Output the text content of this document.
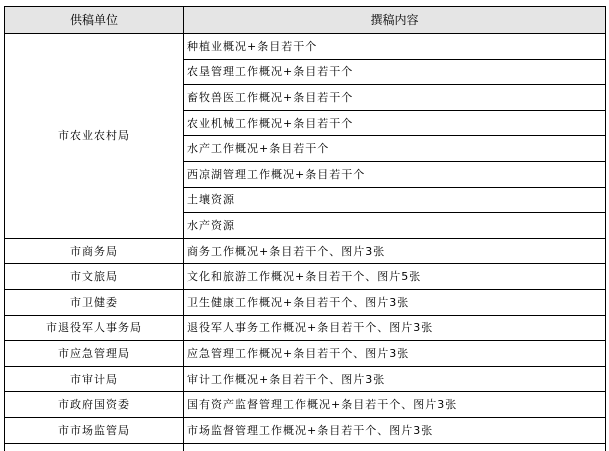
供稿单位	撰稿内容
市农业农村局	种植业概况+条目若干个
	农垦管理工作概况+条目若干个
	畜牧兽医工作概况+条目若干个
	农业机械工作概况+条目若干个
	水产工作概况+条目若干个
	西凉湖管理工作概况+条目若干个
	土壤资源
	水产资源
市商务局	商务工作概况+条目若干个、图片3张
市文旅局	文化和旅游工作概况+条目若干个、图片5张
市卫健委	卫生健康工作概况+条目若干个、图片3张
市退役军人事务局	退役军人事务工作概况+条目若干个、图片3张
市应急管理局	应急管理工作概况+条目若干个、图片3张
市审计局	审计工作概况+条目若干个、图片3张
市政府国资委	国有资产监督管理工作概况+条目若干个、图片3张
市市场监管局	市场监督管理工作概况+条目若干个、图片3张
